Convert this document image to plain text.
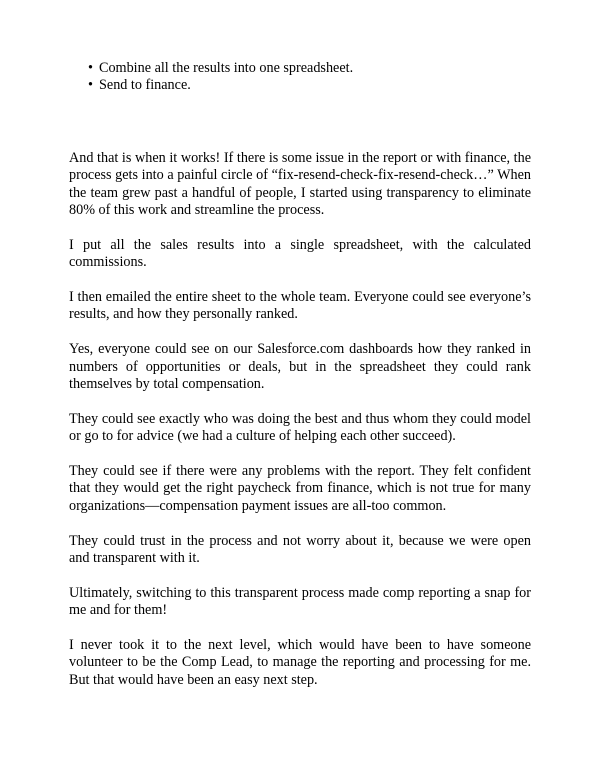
• Combine all the results into one spreadsheet.
• Send to finance.

And that is when it works! If there is some issue in the report or with finance, the process gets into a painful circle of “fix-resend-check-fix-resend-check…” When the team grew past a handful of people, I started using transparency to eliminate 80% of this work and streamline the process.

I put all the sales results into a single spreadsheet, with the calculated commissions.

I then emailed the entire sheet to the whole team. Everyone could see everyone’s results, and how they personally ranked.

Yes, everyone could see on our Salesforce.com dashboards how they ranked in numbers of opportunities or deals, but in the spreadsheet they could rank themselves by total compensation.

They could see exactly who was doing the best and thus whom they could model or go to for advice (we had a culture of helping each other succeed).

They could see if there were any problems with the report. They felt confident that they would get the right paycheck from finance, which is not true for many organizations—compensation payment issues are all-too common.

They could trust in the process and not worry about it, because we were open and transparent with it.

Ultimately, switching to this transparent process made comp reporting a snap for me and for them!

I never took it to the next level, which would have been to have someone volunteer to be the Comp Lead, to manage the reporting and processing for me. But that would have been an easy next step.
